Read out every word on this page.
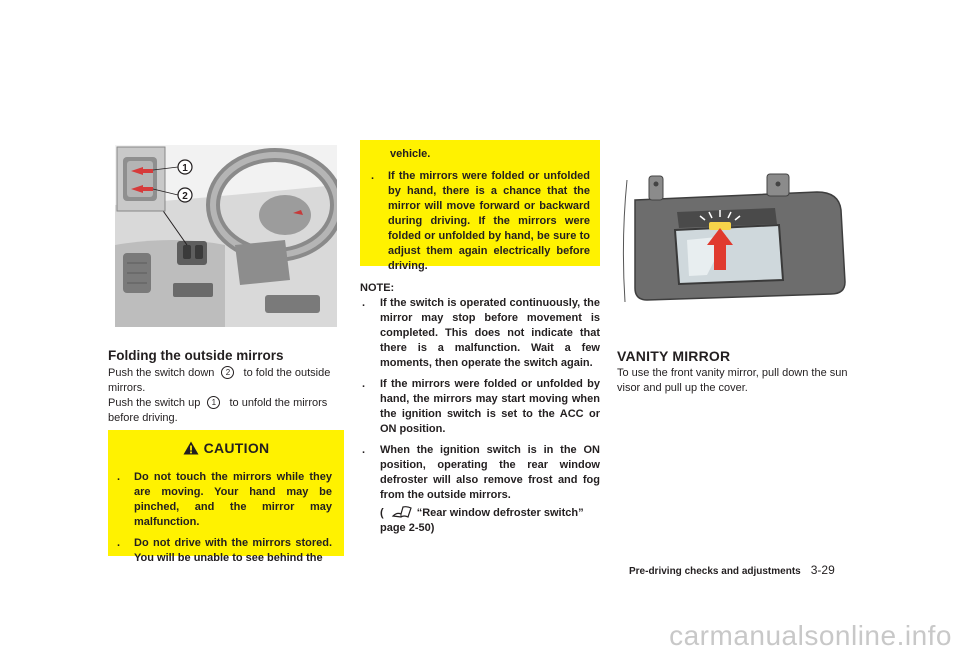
1
2
Folding the outside mirrors
Push the switch down 2 to fold the outside mirrors.
Push the switch up 1 to unfold the mirrors before driving.
CAUTION
. Do not touch the mirrors while they are moving. Your hand may be pinched, and the mirror may malfunction.
. Do not drive with the mirrors stored. You will be unable to see behind the
vehicle.
. If the mirrors were folded or unfolded by hand, there is a chance that the mirror will move forward or backward during driving. If the mirrors were folded or unfolded by hand, be sure to adjust them again electrically before driving.
NOTE:
. If the switch is operated continuously, the mirror may stop before movement is completed. This does not indicate that there is a malfunction. Wait a few moments, then operate the switch again.
. If the mirrors were folded or unfolded by hand, the mirrors may start moving when the ignition switch is set to the ACC or ON position.
. When the ignition switch is in the ON position, operating the rear window defroster will also remove frost and fog from the outside mirrors.
(	“Rear window defroster switch” page 2-50)
VANITY MIRROR
To use the front vanity mirror, pull down the sun visor and pull up the cover.
Pre-driving checks and adjustments 3-29
carmanualsonline.info
